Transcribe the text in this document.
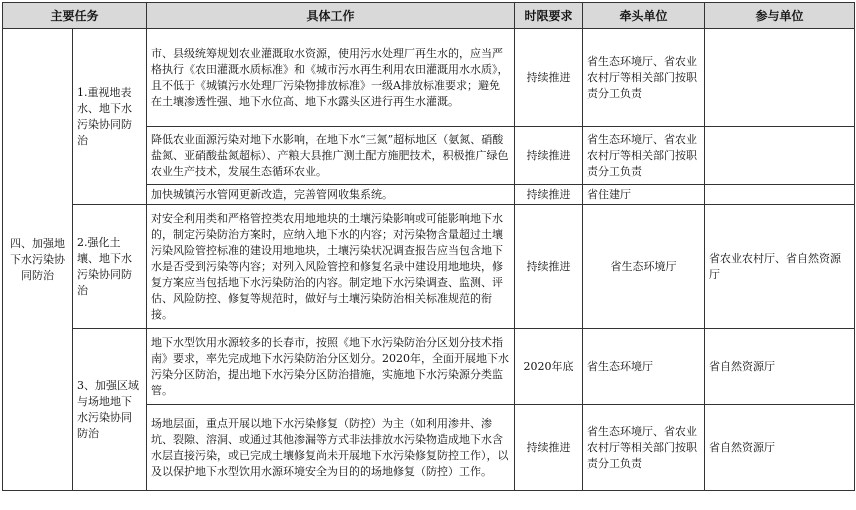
主要任务		具体工作	时限要求	牵头单位	参与单位
四、加强地下水污染协同防治	1.重视地表水、地下水污染协同防治	市、县级统筹规划农业灌溉取水资源，使用污水处理厂再生水的，应当严格执行《农田灌溉水质标准》和《城市污水再生利用农田灌溉用水水质》，且不低于《城镇污水处理厂污染物排放标准》一级A排放标准要求；避免在土壤渗透性强、地下水位高、地下水露头区进行再生水灌溉。	持续推进	省生态环境厅、省农业农村厅等相关部门按职责分工负责	
		降低农业面源污染对地下水影响，在地下水“三氮”超标地区（氨氮、硝酸盐氮、亚硝酸盐氮超标）、产粮大县推广测土配方施肥技术，积极推广绿色农业生产技术，发展生态循环农业。	持续推进	省生态环境厅、省农业农村厅等相关部门按职责分工负责	
		加快城镇污水管网更新改造，完善管网收集系统。	持续推进	省住建厅	
	2.强化土壤、地下水污染协同防治	对安全利用类和严格管控类农用地地块的土壤污染影响或可能影响地下水的，制定污染防治方案时，应纳入地下水的内容；对污染物含量超过土壤污染风险管控标准的建设用地地块，土壤污染状况调查报告应当包含地下水是否受到污染等内容；对列入风险管控和修复名录中建设用地地块，修复方案应当包括地下水污染防治的内容。制定地下水污染调查、监测、评估、风险防控、修复等规范时，做好与土壤污染防治相关标准规范的衔接。	持续推进	省生态环境厅	省农业农村厅、省自然资源厅
	3、加强区域与场地地下水污染协同防治	地下水型饮用水源较多的长春市，按照《地下水污染防治分区划分技术指南》要求，率先完成地下水污染防治分区划分。2020年，全面开展地下水污染分区防治，提出地下水污染分区防治措施，实施地下水污染源分类监管。	2020年底	省生态环境厅	省自然资源厅
		场地层面，重点开展以地下水污染修复（防控）为主（如利用渗井、渗坑、裂隙、溶洞、或通过其他渗漏等方式非法排放水污染物造成地下水含水层直接污染，或已完成土壤修复尚未开展地下水污染修复防控工作），以及以保护地下水型饮用水源环境安全为目的的场地修复（防控）工作。	持续推进	省生态环境厅、省农业农村厅等相关部门按职责分工负责	省自然资源厅
